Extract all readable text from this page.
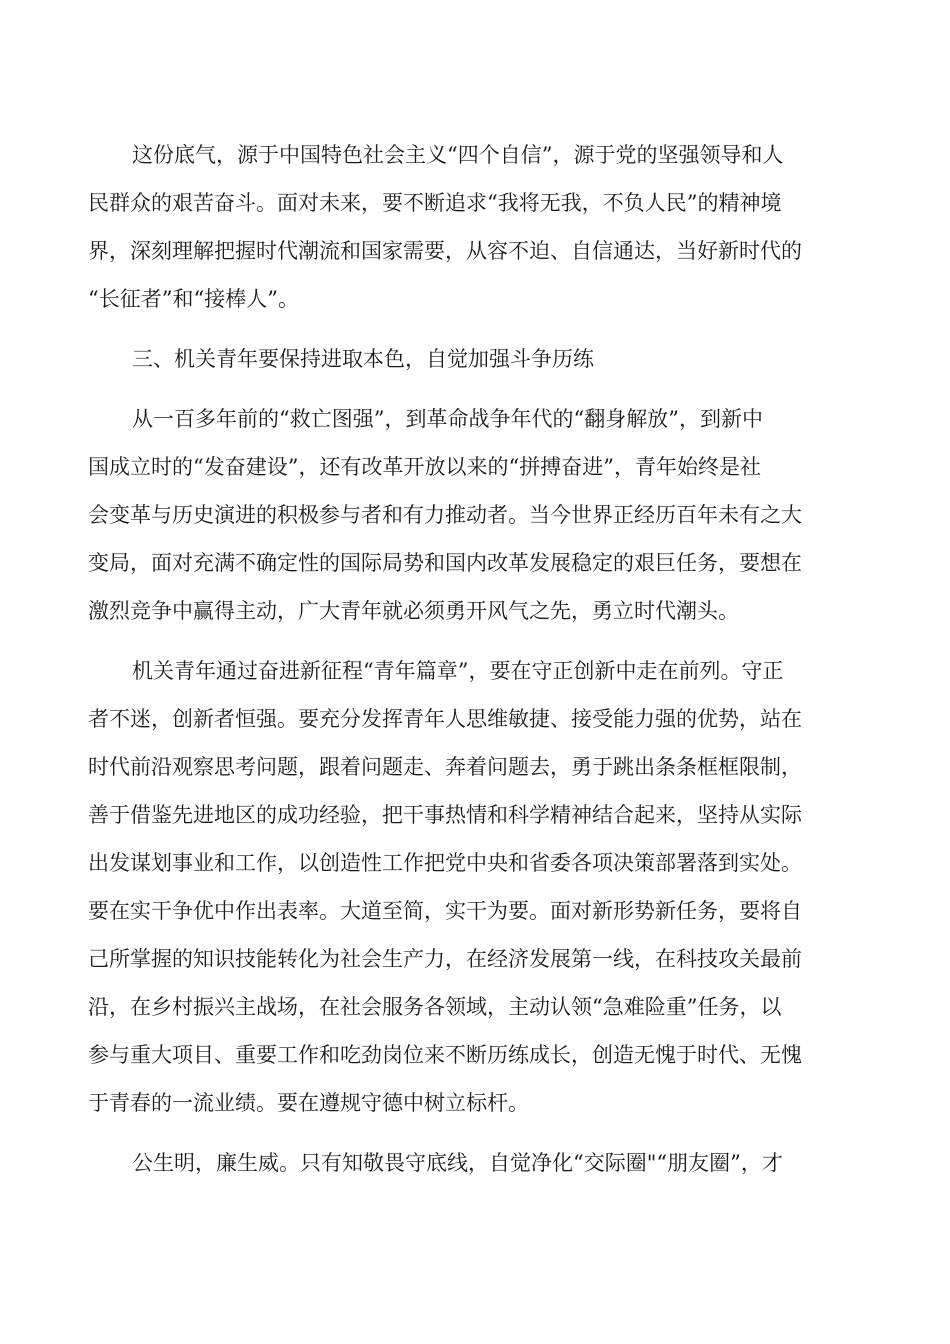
这份底气，源于中国特色社会主义“四个自信”，源于党的坚强领导和人
民群众的艰苦奋斗。面对未来，要不断追求“我将无我，不负人民”的精神境
界，深刻理解把握时代潮流和国家需要，从容不迫、自信通达，当好新时代的
“长征者”和“接棒人”。
三、机关青年要保持进取本色，自觉加强斗争历练
从一百多年前的“救亡图强”，到革命战争年代的“翻身解放”，到新中
国成立时的“发奋建设”，还有改革开放以来的“拼搏奋进”，青年始终是社
会变革与历史演进的积极参与者和有力推动者。当今世界正经历百年未有之大
变局，面对充满不确定性的国际局势和国内改革发展稳定的艰巨任务，要想在
激烈竞争中赢得主动，广大青年就必须勇开风气之先，勇立时代潮头。
机关青年通过奋进新征程“青年篇章”，要在守正创新中走在前列。守正
者不迷，创新者恒强。要充分发挥青年人思维敏捷、接受能力强的优势，站在
时代前沿观察思考问题，跟着问题走、奔着问题去，勇于跳出条条框框限制，
善于借鉴先进地区的成功经验，把干事热情和科学精神结合起来，坚持从实际
出发谋划事业和工作，以创造性工作把党中央和省委各项决策部署落到实处。
要在实干争优中作出表率。大道至简，实干为要。面对新形势新任务，要将自
己所掌握的知识技能转化为社会生产力，在经济发展第一线，在科技攻关最前
沿，在乡村振兴主战场，在社会服务各领域，主动认领“急难险重”任务，以
参与重大项目、重要工作和吃劲岗位来不断历练成长，创造无愧于时代、无愧
于青春的一流业绩。要在遵规守德中树立标杆。
公生明，廉生威。只有知敬畏守底线，自觉净化“交际圈"“朋友圈”，才
